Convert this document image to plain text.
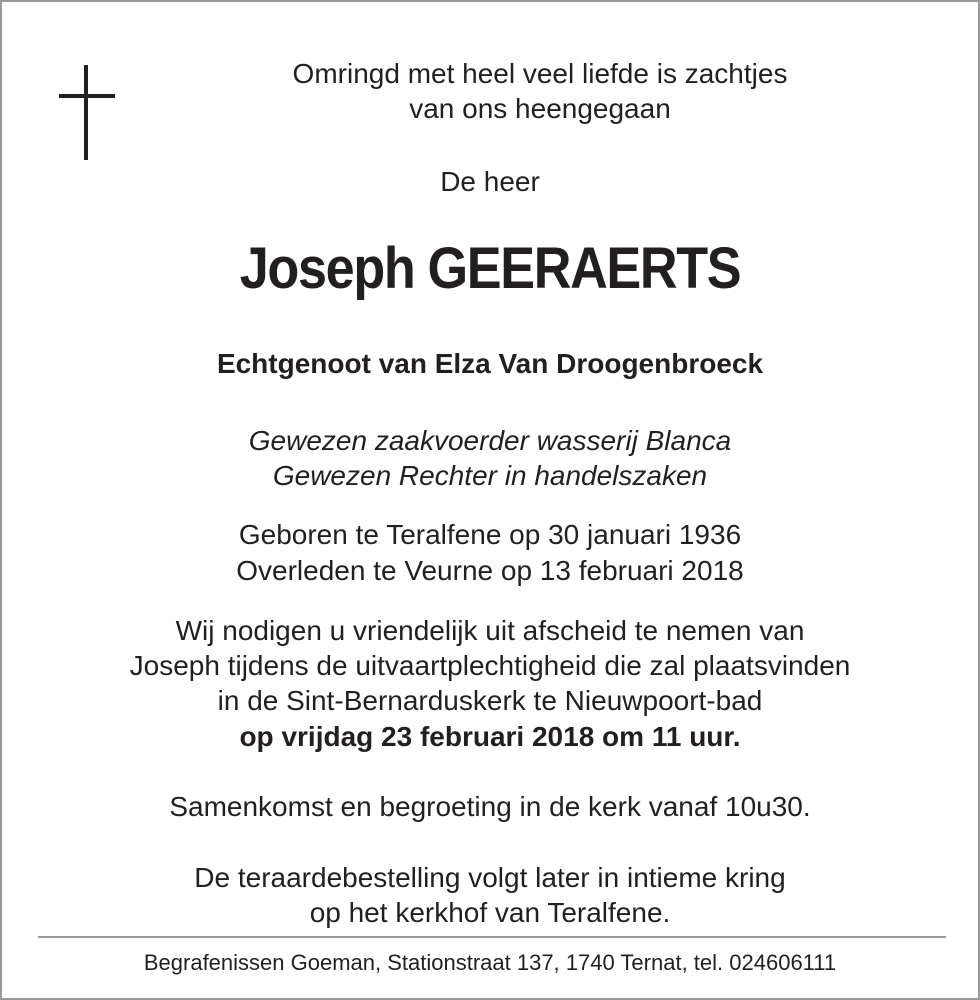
Omringd met heel veel liefde is zachtjes
van ons heengegaan
De heer
Joseph GEERAERTS
Echtgenoot van Elza Van Droogenbroeck
Gewezen zaakvoerder wasserij Blanca
Gewezen Rechter in handelszaken
Geboren te Teralfene op 30 januari 1936
Overleden te Veurne op 13 februari 2018
Wij nodigen u vriendelijk uit afscheid te nemen van
Joseph tijdens de uitvaartplechtigheid die zal plaatsvinden
in de Sint-Bernarduskerk te Nieuwpoort-bad
op vrijdag 23 februari 2018 om 11 uur.
Samenkomst en begroeting in de kerk vanaf 10u30.
De teraardebestelling volgt later in intieme kring
op het kerkhof van Teralfene.
Begrafenissen Goeman, Stationstraat 137, 1740 Ternat, tel. 024606111
